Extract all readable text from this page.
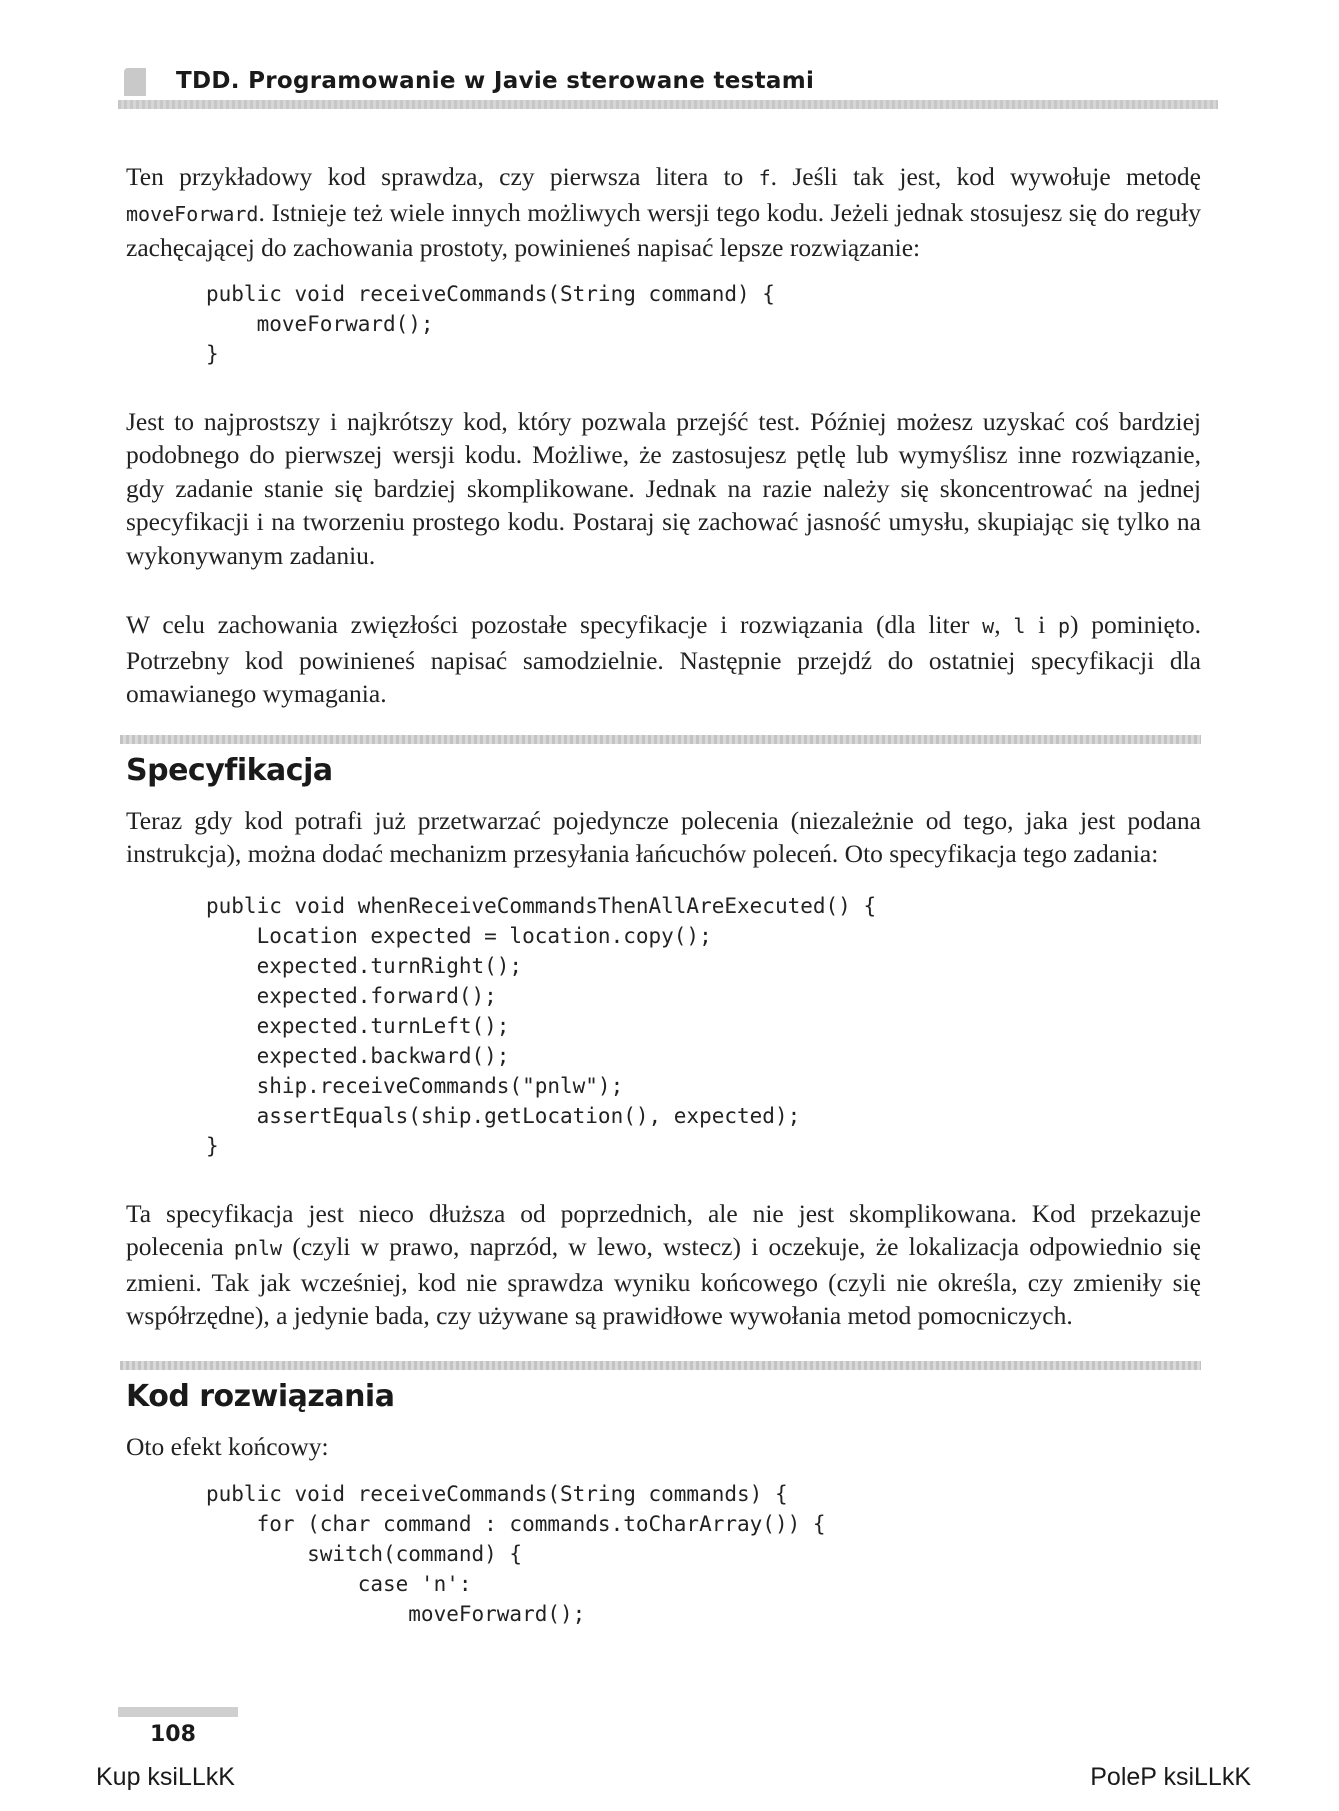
TDD. Programowanie w Javie sterowane testami

Ten przykładowy kod sprawdza, czy pierwsza litera to f. Jeśli tak jest, kod wywołuje metodę moveForward. Istnieje też wiele innych możliwych wersji tego kodu. Jeżeli jednak stosujesz się do reguły zachęcającej do zachowania prostoty, powinieneś napisać lepsze rozwiązanie:

public void receiveCommands(String command) {
moveForward();
}

Jest to najprostszy i najkrótszy kod, który pozwala przejść test. Później możesz uzyskać coś bardziej podobnego do pierwszej wersji kodu. Możliwe, że zastosujesz pętlę lub wymyślisz inne rozwiązanie, gdy zadanie stanie się bardziej skomplikowane. Jednak na razie należy się skoncentrować na jednej specyfikacji i na tworzeniu prostego kodu. Postaraj się zachować jasność umysłu, skupiając się tylko na wykonywanym zadaniu.

W celu zachowania zwięzłości pozostałe specyfikacje i rozwiązania (dla liter w, l i p) pominięto. Potrzebny kod powinieneś napisać samodzielnie. Następnie przejdź do ostatniej specyfikacji dla omawianego wymagania.

Specyfikacja

Teraz gdy kod potrafi już przetwarzać pojedyncze polecenia (niezależnie od tego, jaka jest podana instrukcja), można dodać mechanizm przesyłania łańcuchów poleceń. Oto specyfikacja tego zadania:

public void whenReceiveCommandsThenAllAreExecuted() {
Location expected = location.copy();
expected.turnRight();
expected.forward();
expected.turnLeft();
expected.backward();
ship.receiveCommands("pnlw");
assertEquals(ship.getLocation(), expected);
}

Ta specyfikacja jest nieco dłuższa od poprzednich, ale nie jest skomplikowana. Kod przekazuje polecenia pnlw (czyli w prawo, naprzód, w lewo, wstecz) i oczekuje, że lokalizacja odpowiednio się zmieni. Tak jak wcześniej, kod nie sprawdza wyniku końcowego (czyli nie określa, czy zmieniły się współrzędne), a jedynie bada, czy używane są prawidłowe wywołania metod pomocniczych.

Kod rozwiązania

Oto efekt końcowy:

public void receiveCommands(String commands) {
for (char command : commands.toCharArray()) {
switch(command) {
case 'n':
moveForward();
108
Kup ksiLLkK	PoleP ksiLLkK
